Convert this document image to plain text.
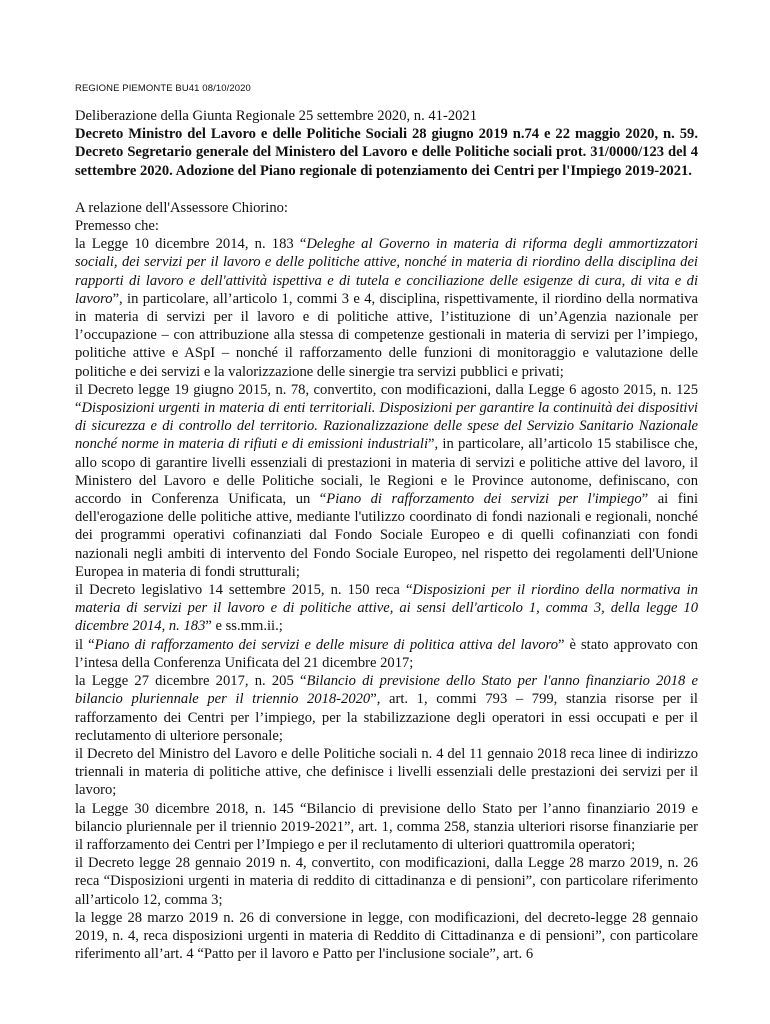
REGIONE PIEMONTE BU41 08/10/2020

Deliberazione della Giunta Regionale 25 settembre 2020, n. 41-2021

Decreto Ministro del Lavoro e delle Politiche Sociali 28 giugno 2019 n.74 e 22 maggio 2020, n. 59. Decreto Segretario generale del Ministero del Lavoro e delle Politiche sociali prot. 31/0000/123 del 4 settembre 2020. Adozione del Piano regionale di potenziamento dei Centri per l'Impiego 2019-2021.

A relazione dell'Assessore Chiorino:

Premesso che:

la Legge 10 dicembre 2014, n. 183 “Deleghe al Governo in materia di riforma degli ammortizzatori sociali, dei servizi per il lavoro e delle politiche attive, nonché in materia di riordino della disciplina dei rapporti di lavoro e dell'attività ispettiva e di tutela e conciliazione delle esigenze di cura, di vita e di lavoro”, in particolare, all’articolo 1, commi 3 e 4, disciplina, rispettivamente, il riordino della normativa in materia di servizi per il lavoro e di politiche attive, l’istituzione di un’Agenzia nazionale per l’occupazione – con attribuzione alla stessa di competenze gestionali in materia di servizi per l’impiego, politiche attive e ASpI – nonché il rafforzamento delle funzioni di monitoraggio e valutazione delle politiche e dei servizi e la valorizzazione delle sinergie tra servizi pubblici e privati;

il Decreto legge 19 giugno 2015, n. 78, convertito, con modificazioni, dalla Legge 6 agosto 2015, n. 125 “Disposizioni urgenti in materia di enti territoriali. Disposizioni per garantire la continuità dei dispositivi di sicurezza e di controllo del territorio. Razionalizzazione delle spese del Servizio Sanitario Nazionale nonché norme in materia di rifiuti e di emissioni industriali”, in particolare, all’articolo 15 stabilisce che, allo scopo di garantire livelli essenziali di prestazioni in materia di servizi e politiche attive del lavoro, il Ministero del Lavoro e delle Politiche sociali, le Regioni e le Province autonome, definiscano, con accordo in Conferenza Unificata, un “Piano di rafforzamento dei servizi per l'impiego” ai fini dell'erogazione delle politiche attive, mediante l'utilizzo coordinato di fondi nazionali e regionali, nonché dei programmi operativi cofinanziati dal Fondo Sociale Europeo e di quelli cofinanziati con fondi nazionali negli ambiti di intervento del Fondo Sociale Europeo, nel rispetto dei regolamenti dell'Unione Europea in materia di fondi strutturali;

il Decreto legislativo 14 settembre 2015, n. 150 reca “Disposizioni per il riordino della normativa in materia di servizi per il lavoro e di politiche attive, ai sensi dell'articolo 1, comma 3, della legge 10 dicembre 2014, n. 183” e ss.mm.ii.;

il “Piano di rafforzamento dei servizi e delle misure di politica attiva del lavoro” è stato approvato con l’intesa della Conferenza Unificata del 21 dicembre 2017;

la Legge 27 dicembre 2017, n. 205 “Bilancio di previsione dello Stato per l'anno finanziario 2018 e bilancio pluriennale per il triennio 2018-2020”, art. 1, commi 793 – 799, stanzia risorse per il rafforzamento dei Centri per l’impiego, per la stabilizzazione degli operatori in essi occupati e per il reclutamento di ulteriore personale;

il Decreto del Ministro del Lavoro e delle Politiche sociali n. 4 del 11 gennaio 2018 reca linee di indirizzo triennali in materia di politiche attive, che definisce i livelli essenziali delle prestazioni dei servizi per il lavoro;

la Legge 30 dicembre 2018, n. 145 “Bilancio di previsione dello Stato per l’anno finanziario 2019 e bilancio pluriennale per il triennio 2019-2021”, art. 1, comma 258, stanzia ulteriori risorse finanziarie per il rafforzamento dei Centri per l’Impiego e per il reclutamento di ulteriori quattromila operatori;

il Decreto legge 28 gennaio 2019 n. 4, convertito, con modificazioni, dalla Legge 28 marzo 2019, n. 26 reca “Disposizioni urgenti in materia di reddito di cittadinanza e di pensioni”, con particolare riferimento all’articolo 12, comma 3;

la legge 28 marzo 2019 n. 26 di conversione in legge, con modificazioni, del decreto-legge 28 gennaio 2019, n. 4, reca disposizioni urgenti in materia di Reddito di Cittadinanza e di pensioni”, con particolare riferimento all’art. 4 “Patto per il lavoro e Patto per l'inclusione sociale”, art. 6
